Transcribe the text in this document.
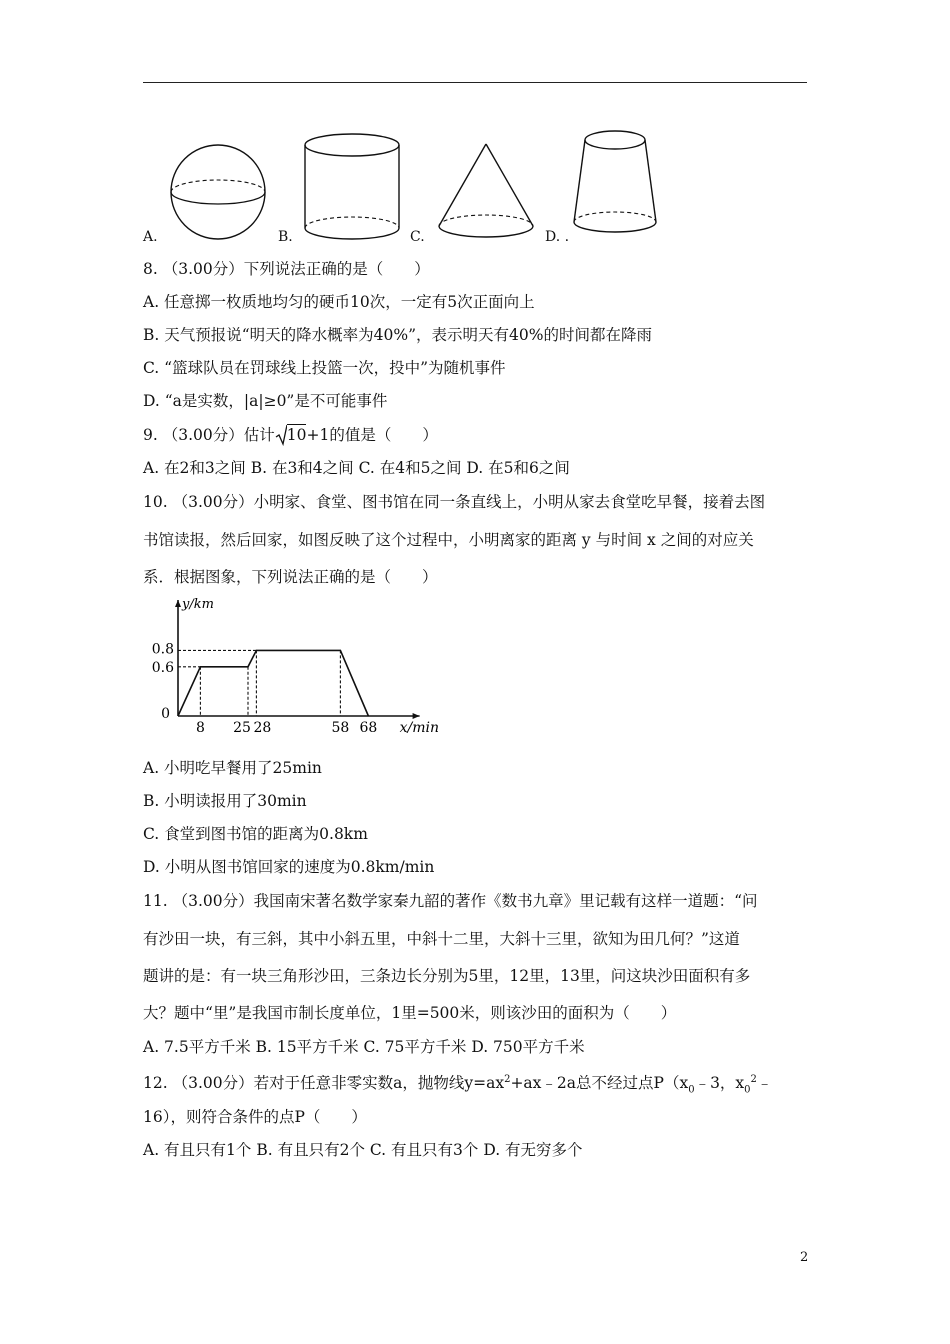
A.	B.	C.	D. .
8. （3.00分）下列说法正确的是（　　）
A. 任意掷一枚质地均匀的硬币10次，一定有5次正面向上
B. 天气预报说“明天的降水概率为40%”，表示明天有40%的时间都在降雨
C. “篮球队员在罚球线上投篮一次，投中”为随机事件
D. “a是实数，|a|≥0”是不可能事件
9. （3.00分）估计 10+1的值是（　　）
A. 在2和3之间 B. 在3和4之间 C. 在4和5之间 D. 在5和6之间
10. （3.00分）小明家、食堂、图书馆在同一条直线上，小明从家去食堂吃早餐，接着去图
书馆读报，然后回家，如图反映了这个过程中，小明离家的距离 y 与时间 x 之间的对应关
系．根据图象，下列说法正确的是（　　）
8 25 28	58 68
0.6
0.8
0
y/km
x/min
A. 小明吃早餐用了25min
B. 小明读报用了30min
C. 食堂到图书馆的距离为0.8km
D. 小明从图书馆回家的速度为0.8km/min
11. （3.00分）我国南宋著名数学家秦九韶的著作《数书九章》里记载有这样一道题：“问
有沙田一块，有三斜，其中小斜五里，中斜十二里，大斜十三里，欲知为田几何？”这道
题讲的是：有一块三角形沙田，三条边长分别为5里，12里，13里，问这块沙田面积有多
大？题中“里”是我国市制长度单位，1里=500米，则该沙田的面积为（　　）
A. 7.5平方千米 B. 15平方千米 C. 75平方千米 D. 750平方千米
12. （3.00分）若对于任意非零实数a，抛物线$y=ax^2+ax﹣2a$总不经过点$P(x_0﹣3$，$x_0^2﹣$
16），则符合条件的点P（　　）
A. 有且只有1个 B. 有且只有2个 C. 有且只有3个 D. 有无穷多个
2
